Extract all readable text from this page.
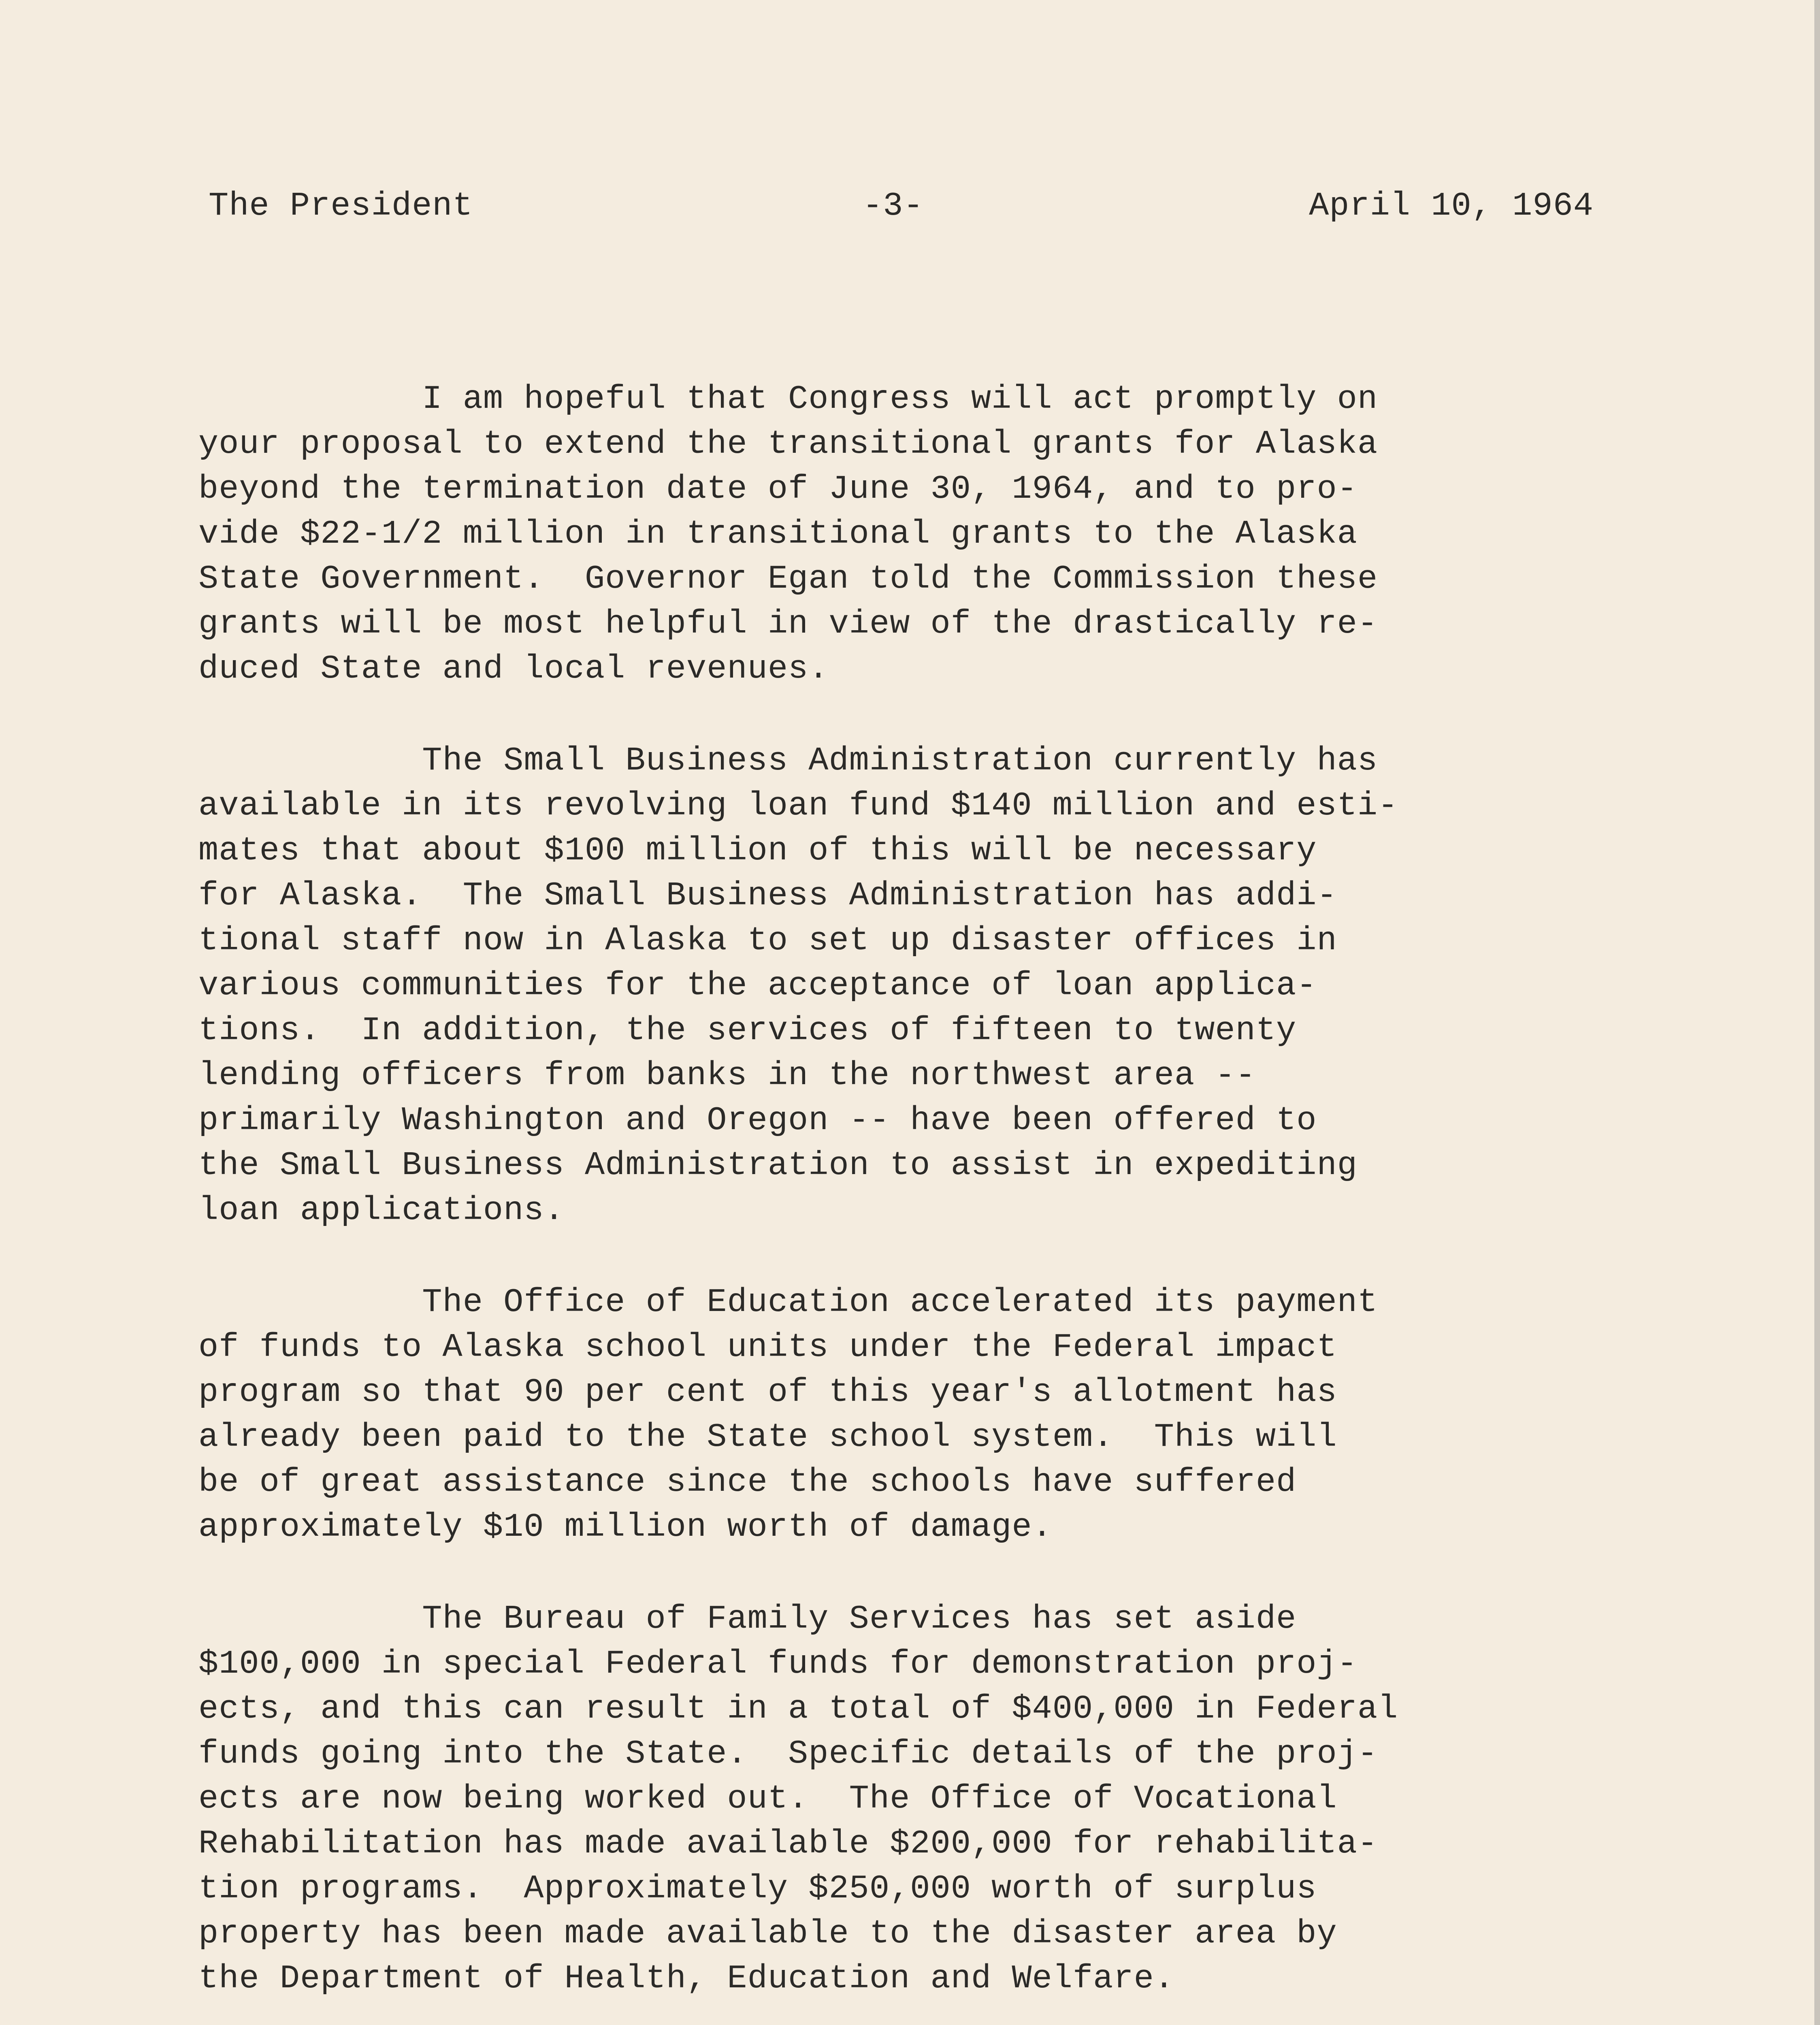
The President	-3-	April 10, 1964
I am hopeful that Congress will act promptly on
your proposal to extend the transitional grants for Alaska
beyond the termination date of June 30, 1964, and to pro-
vide $22-1/2 million in transitional grants to the Alaska
State Government.  Governor Egan told the Commission these
grants will be most helpful in view of the drastically re-
duced State and local revenues.
The Small Business Administration currently has
available in its revolving loan fund $140 million and esti-
mates that about $100 million of this will be necessary
for Alaska.  The Small Business Administration has addi-
tional staff now in Alaska to set up disaster offices in
various communities for the acceptance of loan applica-
tions.  In addition, the services of fifteen to twenty
lending officers from banks in the northwest area --
primarily Washington and Oregon -- have been offered to
the Small Business Administration to assist in expediting
loan applications.
The Office of Education accelerated its payment
of funds to Alaska school units under the Federal impact
program so that 90 per cent of this year's allotment has
already been paid to the State school system.  This will
be of great assistance since the schools have suffered
approximately $10 million worth of damage.
The Bureau of Family Services has set aside
$100,000 in special Federal funds for demonstration proj-
ects, and this can result in a total of $400,000 in Federal
funds going into the State.  Specific details of the proj-
ects are now being worked out.  The Office of Vocational
Rehabilitation has made available $200,000 for rehabilita-
tion programs.  Approximately $250,000 worth of surplus
property has been made available to the disaster area by
the Department of Health, Education and Welfare.
